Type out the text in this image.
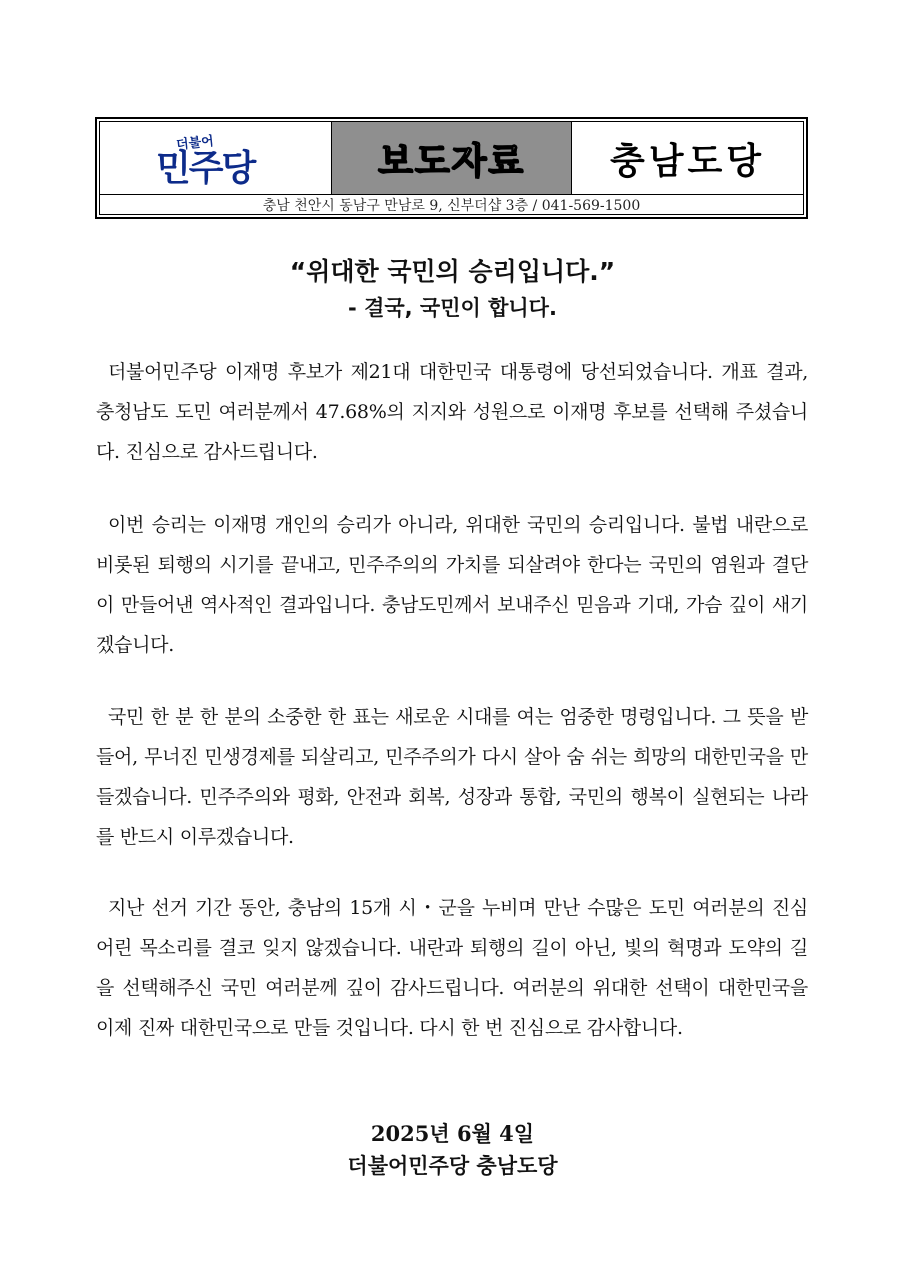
더불어
민주당	보도자료 충남도당
충남 천안시 동남구 만남로 9, 신부더샵 3층 / 041-569-1500
“위대한 국민의 승리입니다.”
- 결국, 국민이 합니다.
더불어민주당 이재명 후보가 제21대 대한민국 대통령에 당선되었습니다. 개표 결과, 충청남도 도민 여러분께서 47.68%의 지지와 성원으로 이재명 후보를 선택해 주셨습니다. 진심으로 감사드립니다.
이번 승리는 이재명 개인의 승리가 아니라, 위대한 국민의 승리입니다. 불법 내란으로 비롯된 퇴행의 시기를 끝내고, 민주주의의 가치를 되살려야 한다는 국민의 염원과 결단이 만들어낸 역사적인 결과입니다. 충남도민께서 보내주신 믿음과 기대, 가슴 깊이 새기겠습니다.
국민 한 분 한 분의 소중한 한 표는 새로운 시대를 여는 엄중한 명령입니다. 그 뜻을 받들어, 무너진 민생경제를 되살리고, 민주주의가 다시 살아 숨 쉬는 희망의 대한민국을 만들겠습니다. 민주주의와 평화, 안전과 회복, 성장과 통합, 국민의 행복이 실현되는 나라를 반드시 이루겠습니다.
지난 선거 기간 동안, 충남의 15개 시・군을 누비며 만난 수많은 도민 여러분의 진심 어린 목소리를 결코 잊지 않겠습니다. 내란과 퇴행의 길이 아닌, 빛의 혁명과 도약의 길을 선택해주신 국민 여러분께 깊이 감사드립니다. 여러분의 위대한 선택이 대한민국을 이제 진짜 대한민국으로 만들 것입니다. 다시 한 번 진심으로 감사합니다.
2025년 6월 4일
더불어민주당 충남도당
